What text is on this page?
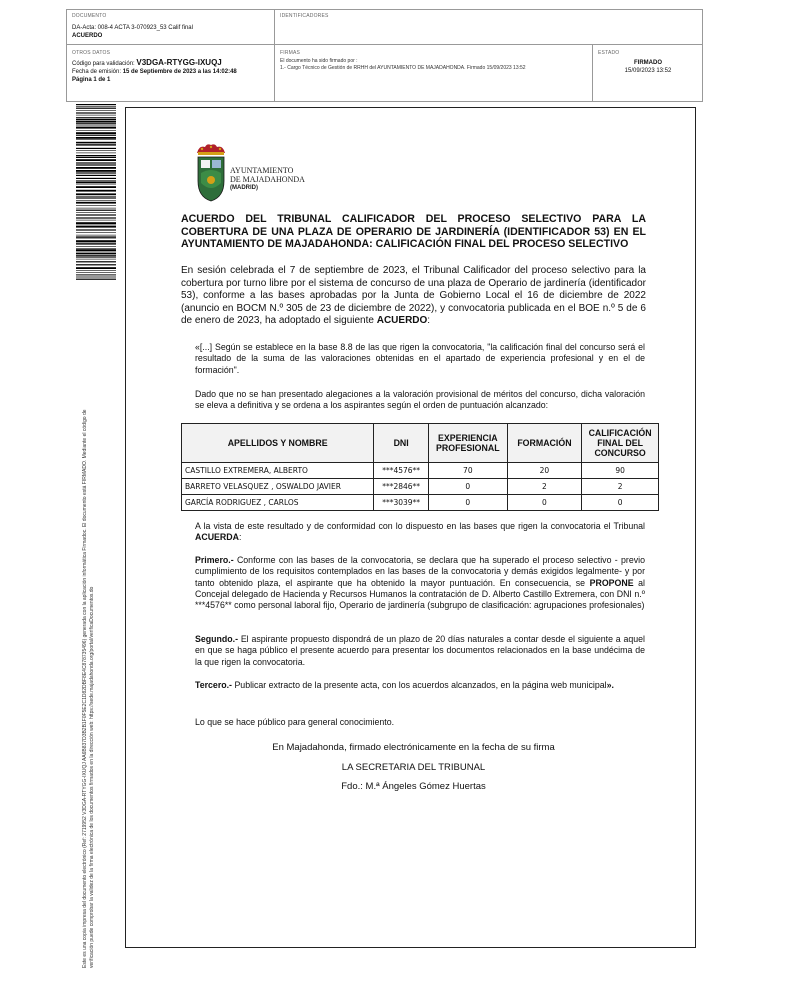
DOCUMENTO
DA-Acta: 008-4 ACTA 3-070923_53 Calif final
ACUERDO
IDENTIFICADORES
OTROS DATOS
Código para validación: V3DGA-RTYGG-IXUQJ
Fecha de emisión: 15 de Septiembre de 2023 a las 14:02:48
Página 1 de 1
FIRMAS
El documento ha sido firmado por :
1.- Cargo Técnico de Gestión de RRHH del AYUNTAMIENTO DE MAJADAHONDA. Firmado 15/09/2023 13:52
ESTADO
FIRMADO
15/09/2023 13:52
Este es una copia impresa del documento electrónico (Ref: 2719952 V3DGA-RTYGG-IXUQJ AA6B837D3B2B1F0F5E2C1D82DBF8E4C878735496) generada con la aplicación informática Firmadoc. El documento está FIRMADO. Mediante el código de verificación puede comprobar la validez de la firma electrónica de los documentos firmados en la dirección web: https://sede.majadahonda.org/portal/verificaDocumentos.do
AYUNTAMIENTO
DE MAJADAHONDA
(MADRID)
ACUERDO DEL TRIBUNAL CALIFICADOR DEL PROCESO SELECTIVO PARA LA COBERTURA DE UNA PLAZA DE OPERARIO DE JARDINERÍA (IDENTIFICADOR 53) EN EL AYUNTAMIENTO DE MAJADAHONDA: CALIFICACIÓN FINAL DEL PROCESO SELECTIVO
En sesión celebrada el 7 de septiembre de 2023, el Tribunal Calificador del proceso selectivo para la cobertura por turno libre por el sistema de concurso de una plaza de Operario de jardinería (identificador 53), conforme a las bases aprobadas por la Junta de Gobierno Local el 16 de diciembre de 2022 (anuncio en BOCM N.º 305 de 23 de diciembre de 2022), y convocatoria publicada en el BOE n.º 5 de 6 de enero de 2023, ha adoptado el siguiente ACUERDO:
«[...] Según se establece en la base 8.8 de las que rigen la convocatoria, "la calificación final del concurso será el resultado de la suma de las valoraciones obtenidas en el apartado de experiencia profesional y en el de formación".
Dado que no se han presentado alegaciones a la valoración provisional de méritos del concurso, dicha valoración se eleva a definitiva y se ordena a los aspirantes según el orden de puntuación alcanzado:
APELLIDOS Y NOMBRE	DNI	EXPERIENCIA PROFESIONAL	FORMACIÓN	CALIFICACIÓN FINAL DEL CONCURSO
CASTILLO EXTREMERA, ALBERTO	***4576**	70	20	90
BARRETO VELASQUEZ , OSWALDO JAVIER	***2846**	0	2	2
GARCÍA RODRIGUEZ , CARLOS	***3039**	0	0	0
A la vista de este resultado y de conformidad con lo dispuesto en las bases que rigen la convocatoria el Tribunal ACUERDA:
Primero.- Conforme con las bases de la convocatoria, se declara que ha superado el proceso selectivo - previo cumplimiento de los requisitos contemplados en las bases de la convocatoria y demás exigidos legalmente- y por tanto obtenido plaza, el aspirante que ha obtenido la mayor puntuación. En consecuencia, se PROPONE al Concejal delegado de Hacienda y Recursos Humanos la contratación de D. Alberto Castillo Extremera, con DNI n.º ***4576** como personal laboral fijo, Operario de jardinería (subgrupo de clasificación: agrupaciones profesionales)
Segundo.- El aspirante propuesto dispondrá de un plazo de 20 días naturales a contar desde el siguiente a aquel en que se haga público el presente acuerdo para presentar los documentos relacionados en la base undécima de la que rigen la convocatoria.
Tercero.- Publicar extracto de la presente acta, con los acuerdos alcanzados, en la página web municipal».
Lo que se hace público para general conocimiento.
En Majadahonda, firmado electrónicamente en la fecha de su firma
LA SECRETARIA DEL TRIBUNAL
Fdo.: M.ª Ángeles Gómez Huertas
